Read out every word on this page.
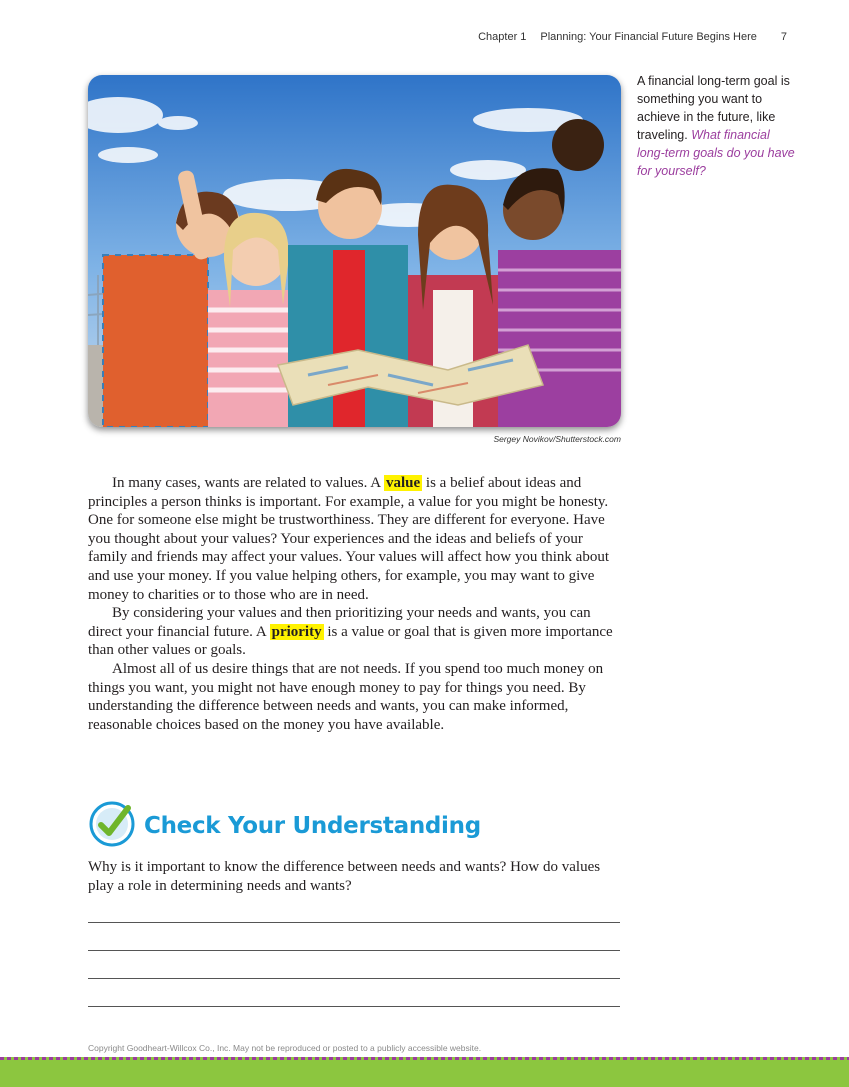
Chapter 1 Planning: Your Financial Future Begins Here 7
Sergey Novikov/Shutterstock.com
A financial long-term goal is something you want to achieve in the future, like traveling. What financial long-term goals do you have for yourself?

In many cases, wants are related to values. A value is a belief about ideas and principles a person thinks is important. For example, a value for you might be honesty. One for someone else might be trustworthiness. They are different for everyone. Have you thought about your values? Your experiences and the ideas and beliefs of your family and friends may affect your values. Your values will affect how you think about and use your money. If you value helping others, for example, you may want to give money to charities or to those who are in need.

By considering your values and then prioritizing your needs and wants, you can direct your financial future. A priority is a value or goal that is given more importance than other values or goals.

Almost all of us desire things that are not needs. If you spend too much money on things you want, you might not have enough money to pay for things you need. By understanding the difference between needs and wants, you can make informed, reasonable choices based on the money you have available.

Check Your Understanding
Why is it important to know the difference between needs and wants? How do values play a role in determining needs and wants?
Copyright Goodheart-Willcox Co., Inc. May not be reproduced or posted to a publicly accessible website.
